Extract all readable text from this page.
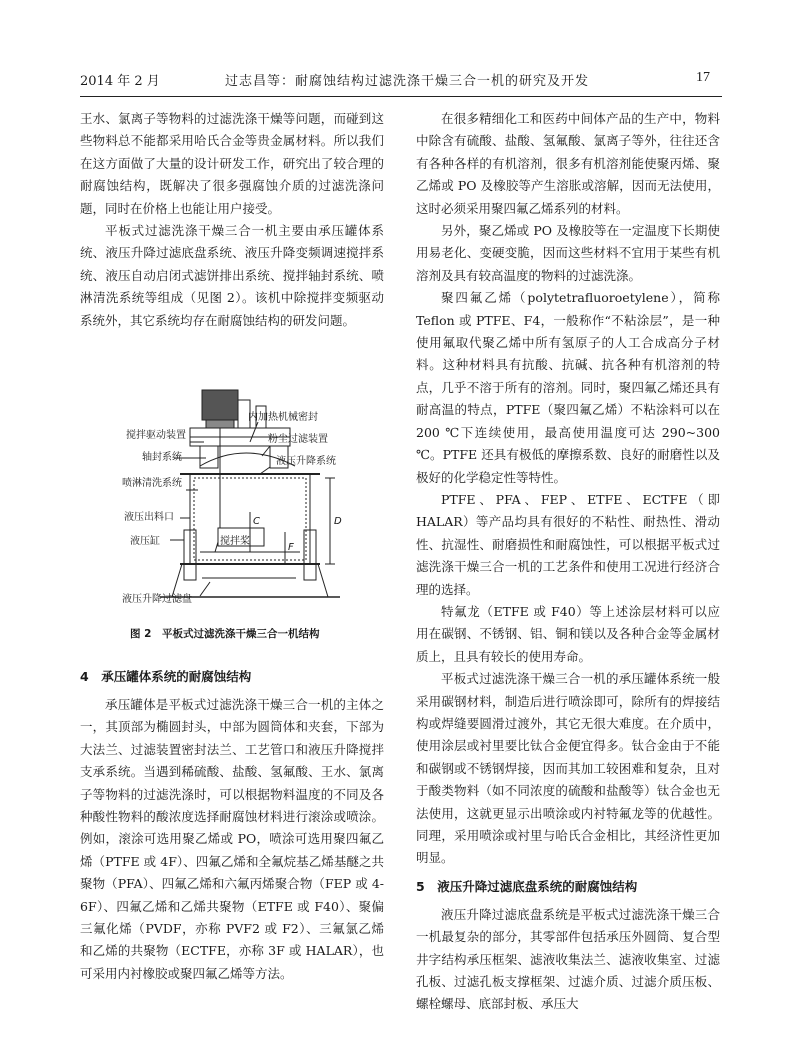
2014 年 2 月	过志昌等：耐腐蚀结构过滤洗涤干燥三合一机的研究及开发	17

王水、氯离子等物料的过滤洗涤干燥等问题，而碰到这些物料总不能都采用哈氏合金等贵金属材料。所以我们在这方面做了大量的设计研发工作，研究出了较合理的耐腐蚀结构，既解决了很多强腐蚀介质的过滤洗涤问题，同时在价格上也能让用户接受。

平板式过滤洗涤干燥三合一机主要由承压罐体系统、液压升降过滤底盘系统、液压升降变频调速搅拌系统、液压自动启闭式滤饼排出系统、搅拌轴封系统、喷淋清洗系统等组成（见图 2）。该机中除搅拌变频驱动系统外，其它系统均存在耐腐蚀结构的研发问题。

内加热机械密封
搅拌驱动装置	粉尘过滤装置
轴封系统	液压升降系统
喷淋清洗系统
液压出料口
液压缸	搅拌桨
液压升降过滤盘
C	D
F
图 2　平板式过滤洗涤干燥三合一机结构

4　承压罐体系统的耐腐蚀结构

承压罐体是平板式过滤洗涤干燥三合一机的主体之一，其顶部为椭圆封头，中部为圆筒体和夹套，下部为大法兰、过滤装置密封法兰、工艺管口和液压升降搅拌支承系统。当遇到稀硫酸、盐酸、氢氟酸、王水、氯离子等物料的过滤洗涤时，可以根据物料温度的不同及各种酸性物料的酸浓度选择耐腐蚀材料进行滚涂或喷涂。例如，滚涂可选用聚乙烯或 PO，喷涂可选用聚四氟乙烯（PTFE 或 4F）、四氟乙烯和全氟烷基乙烯基醚之共聚物（PFA）、四氟乙烯和六氟丙烯聚合物（FEP 或 4-6F）、四氟乙烯和乙烯共聚物（ETFE 或 F40）、聚偏三氟化烯（PVDF，亦称 PVF2 或 F2）、三氟氯乙烯和乙烯的共聚物（ECTFE，亦称 3F 或 HALAR），也可采用内衬橡胶或聚四氟乙烯等方法。

在很多精细化工和医药中间体产品的生产中，物料中除含有硫酸、盐酸、氢氟酸、氯离子等外，往往还含有各种各样的有机溶剂，很多有机溶剂能使聚丙烯、聚乙烯或 PO 及橡胶等产生溶胀或溶解，因而无法使用，这时必须采用聚四氟乙烯系列的材料。

另外，聚乙烯或 PO 及橡胶等在一定温度下长期使用易老化、变硬变脆，因而这些材料不宜用于某些有机溶剂及具有较高温度的物料的过滤洗涤。

聚四氟乙烯（polytetrafluoroetylene），简称 Teflon 或 PTFE、F4，一般称作“不粘涂层”，是一种使用氟取代聚乙烯中所有氢原子的人工合成高分子材料。这种材料具有抗酸、抗碱、抗各种有机溶剂的特点，几乎不溶于所有的溶剂。同时，聚四氟乙烯还具有耐高温的特点，PTFE（聚四氟乙烯）不粘涂料可以在 200 ℃下连续使用，最高使用温度可达 290~300 ℃。PTFE 还具有极低的摩擦系数、良好的耐磨性以及极好的化学稳定性等特性。

PTFE、PFA、FEP、ETFE、ECTFE（即 HALAR）等产品均具有很好的不粘性、耐热性、滑动性、抗湿性、耐磨损性和耐腐蚀性，可以根据平板式过滤洗涤干燥三合一机的工艺条件和使用工况进行经济合理的选择。

特氟龙（ETFE 或 F40）等上述涂层材料可以应用在碳钢、不锈钢、铝、铜和镁以及各种合金等金属材质上，且具有较长的使用寿命。

平板式过滤洗涤干燥三合一机的承压罐体系统一般采用碳钢材料，制造后进行喷涂即可，除所有的焊接结构或焊缝要圆滑过渡外，其它无很大难度。在介质中，使用涂层或衬里要比钛合金便宜得多。钛合金由于不能和碳钢或不锈钢焊接，因而其加工较困难和复杂，且对于酸类物料（如不同浓度的硫酸和盐酸等）钛合金也无法使用，这就更显示出喷涂或内衬特氟龙等的优越性。同理，采用喷涂或衬里与哈氏合金相比，其经济性更加明显。

5　液压升降过滤底盘系统的耐腐蚀结构

液压升降过滤底盘系统是平板式过滤洗涤干燥三合一机最复杂的部分，其零部件包括承压外圆筒、复合型井字结构承压框架、滤液收集法兰、滤液收集室、过滤孔板、过滤孔板支撑框架、过滤介质、过滤介质压板、螺栓螺母、底部封板、承压大
